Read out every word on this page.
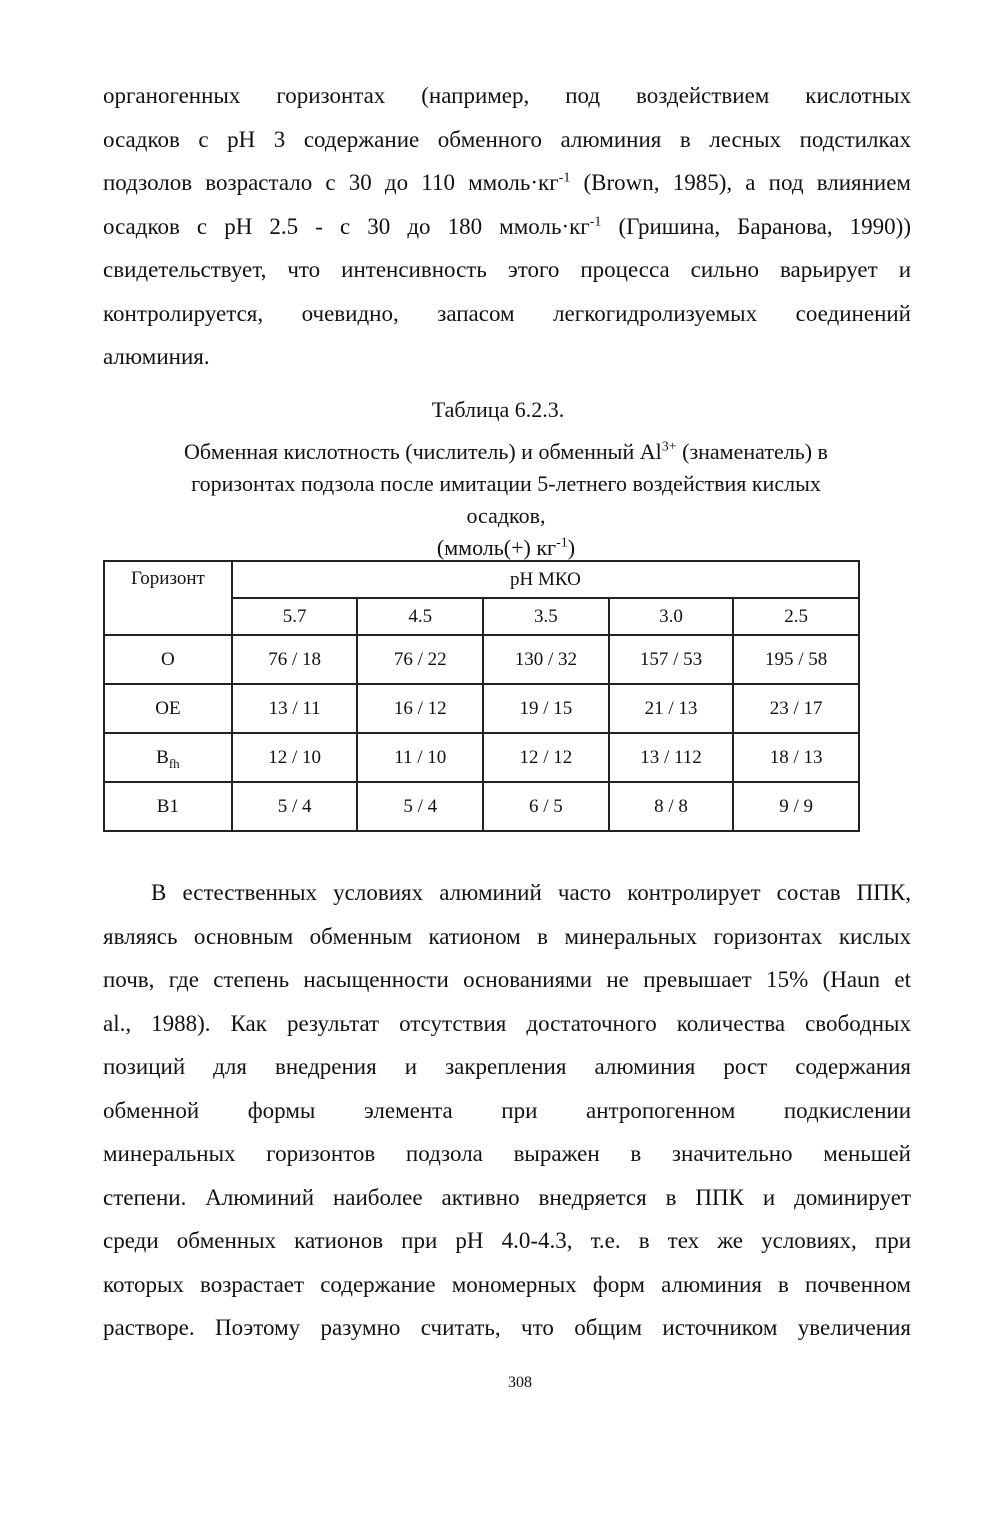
органогенных горизонтах (например, под воздействием кислотных
осадков с pH 3 содержание обменного алюминия в лесных подстилках
подзолов возрастало с 30 до 110 $ммоль\cdot кг^{-1}$ (Brown, 1985), а под влиянием
осадков с pH 2.5 - с 30 до 180 $ммоль\cdot кг^{-1}$ (Гришина, Баранова, 1990))
свидетельствует, что интенсивность этого процесса сильно варьирует и
контролируется, очевидно, запасом легкогидролизуемых соединений
алюминия.
Таблица 6.2.3.
Обменная кислотность (числитель) и обменный $Al^{3+}$ (знаменатель) в
горизонтах подзола после имитации 5-летнего воздействия кислых
осадков,
(ммоль(+) $кг^{-1}$)
Горизонт	pH МКО				
	5.7	4.5	3.5	3.0	2.5
O	76 / 18	76 / 22	130 / 32	157 / 53	195 / 58
OE	13 / 11	16 / 12	19 / 15	21 / 13	23 / 17
$B_{fh}$	12 / 10	11 / 10	12 / 12	13 / 112	18 / 13
B1	5 / 4	5 / 4	6 / 5	8 / 8	9 / 9
В естественных условиях алюминий часто контролирует состав ППК,
являясь основным обменным катионом в минеральных горизонтах кислых
почв, где степень насыщенности основаниями не превышает 15% (Haun et
al., 1988). Как результат отсутствия достаточного количества свободных
позиций для внедрения и закрепления алюминия рост содержания
обменной формы элемента при антропогенном подкислении
минеральных горизонтов подзола выражен в значительно меньшей
степени. Алюминий наиболее активно внедряется в ППК и доминирует
среди обменных катионов при pH 4.0-4.3, т.е. в тех же условиях, при
которых возрастает содержание мономерных форм алюминия в почвенном
растворе. Поэтому разумно считать, что общим источником увеличения
308
